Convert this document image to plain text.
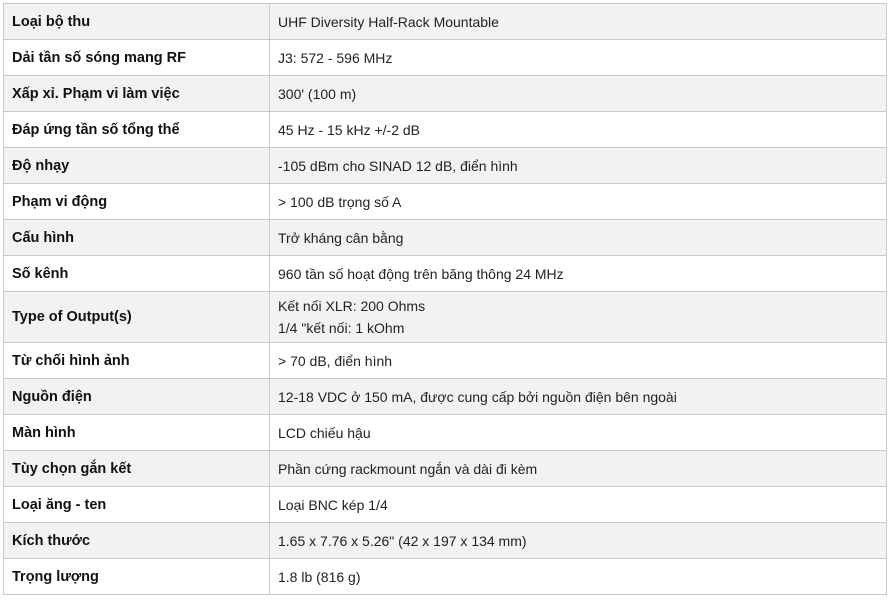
Loại bộ thu	UHF Diversity Half-Rack Mountable
Dải tần số sóng mang RF	J3: 572 - 596 MHz
Xấp xỉ. Phạm vi làm việc	300' (100 m)
Đáp ứng tần số tổng thể	45 Hz - 15 kHz +/-2 dB
Độ nhạy	-105 dBm cho SINAD 12 dB, điển hình
Phạm vi động	> 100 dB trọng số A
Cấu hình	Trở kháng cân bằng
Số kênh	960 tần số hoạt động trên băng thông 24 MHz
Type of Output(s)	Kết nối XLR: 200 Ohms
1/4 "kết nối: 1 kOhm

Từ chối hình ảnh	> 70 dB, điển hình
Nguồn điện	12-18 VDC ở 150 mA, được cung cấp bởi nguồn điện bên ngoài
Màn hình	LCD chiếu hậu
Tùy chọn gắn kết	Phần cứng rackmount ngắn và dài đi kèm
Loại ăng - ten	Loại BNC kép 1/4
Kích thước	1.65 x 7.76 x 5.26" (42 x 197 x 134 mm)
Trọng lượng	1.8 lb (816 g)
